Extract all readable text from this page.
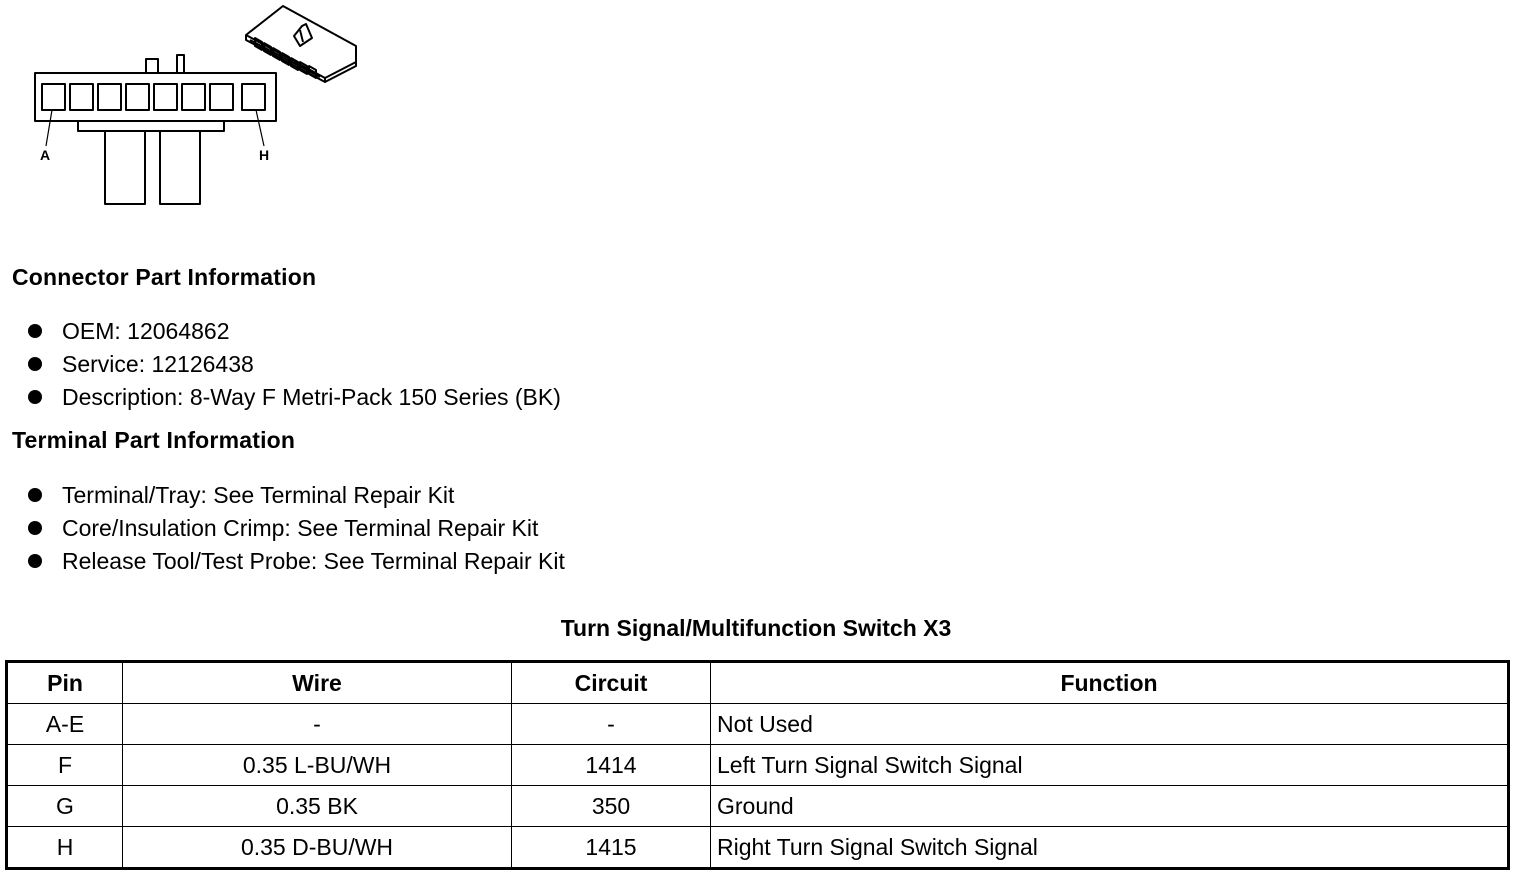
A	H
Connector Part Information
OEM: 12064862
Service: 12126438
Description: 8-Way F Metri-Pack 150 Series (BK)
Terminal Part Information
Terminal/Tray: See Terminal Repair Kit
Core/Insulation Crimp: See Terminal Repair Kit
Release Tool/Test Probe: See Terminal Repair Kit
Turn Signal/Multifunction Switch X3
Pin	Wire	Circuit	Function
A-E	-	-	Not Used
F	0.35 L-BU/WH	1414	Left Turn Signal Switch Signal
G	0.35 BK	350	Ground
H	0.35 D-BU/WH	1415	Right Turn Signal Switch Signal
